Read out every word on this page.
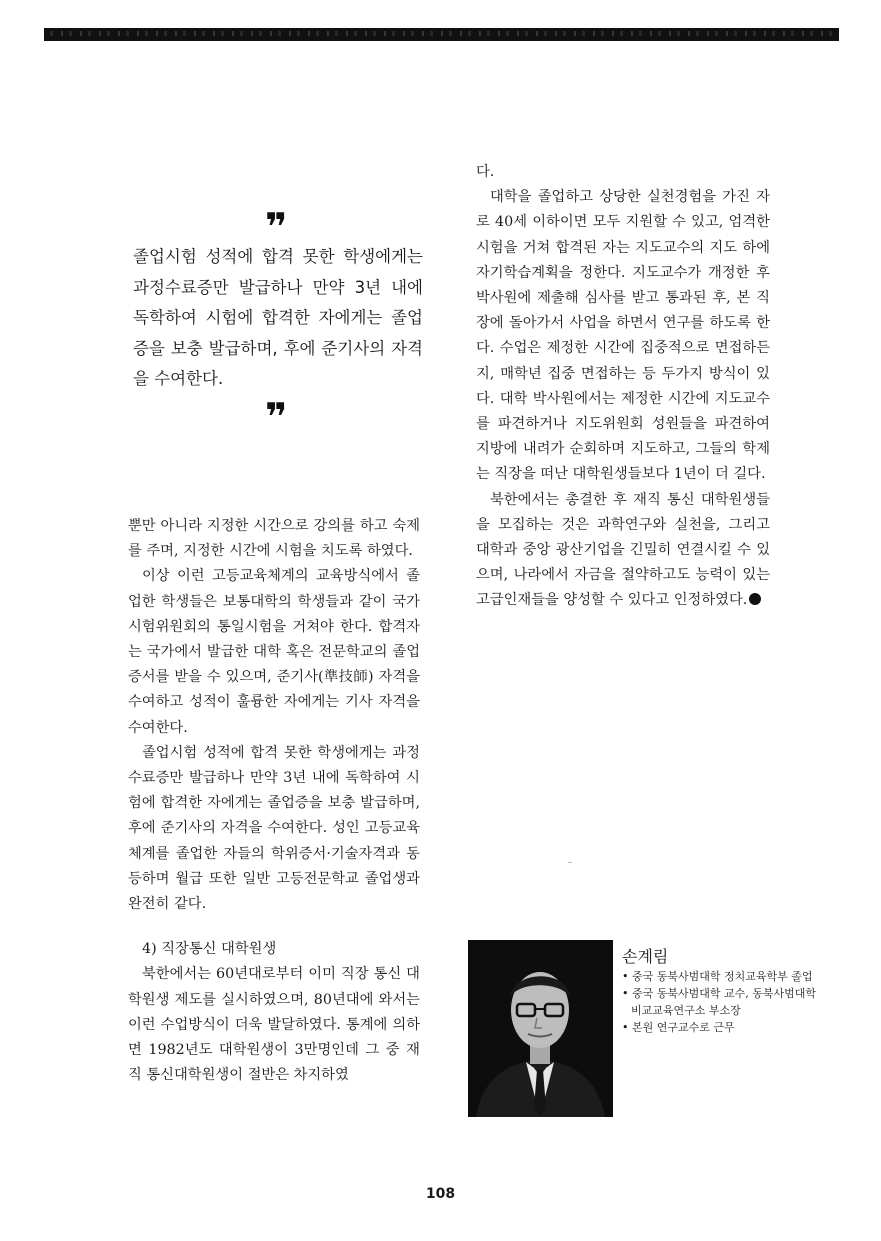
❞

졸업시험 성적에 합격 못한 학생에게는 과정수료증만 발급하나 만약 3년 내에 독학하여 시험에 합격한 자에게는 졸업증을 보충 발급하며, 후에 준기사의 자격을 수여한다.

❞

뿐만 아니라 지정한 시간으로 강의를 하고 숙제를 주며, 지정한 시간에 시험을 치도록 하였다.

이상 이런 고등교육체계의 교육방식에서 졸업한 학생들은 보통대학의 학생들과 같이 국가시험위원회의 통일시험을 거쳐야 한다. 합격자는 국가에서 발급한 대학 혹은 전문학교의 졸업증서를 받을 수 있으며, 준기사(準技師) 자격을 수여하고 성적이 훌륭한 자에게는 기사 자격을 수여한다.

졸업시험 성적에 합격 못한 학생에게는 과정수료증만 발급하나 만약 3년 내에 독학하여 시험에 합격한 자에게는 졸업증을 보충 발급하며, 후에 준기사의 자격을 수여한다. 성인 고등교육체계를 졸업한 자들의 학위증서·기술자격과 동등하며 월급 또한 일반 고등전문학교 졸업생과 완전히 같다.

4) 직장통신 대학원생

북한에서는 60년대로부터 이미 직장 통신 대학원생 제도를 실시하였으며, 80년대에 와서는 이런 수업방식이 더욱 발달하였다. 통계에 의하면 1982년도 대학원생이 3만명인데 그 중 재직 통신대학원생이 절반은 차지하였

다.

대학을 졸업하고 상당한 실천경험을 가진 자로 40세 이하이면 모두 지원할 수 있고, 엄격한 시험을 거쳐 합격된 자는 지도교수의 지도 하에 자기학습계획을 정한다. 지도교수가 개정한 후 박사원에 제출해 심사를 받고 통과된 후, 본 직장에 돌아가서 사업을 하면서 연구를 하도록 한다. 수업은 제정한 시간에 집중적으로 면접하든지, 매학년 집중 면접하는 등 두가지 방식이 있다. 대학 박사원에서는 제정한 시간에 지도교수를 파견하거나 지도위원회 성원들을 파견하여 지방에 내려가 순회하며 지도하고, 그들의 학제는 직장을 떠난 대학원생들보다 1년이 더 길다.

북한에서는 총결한 후 재직 통신 대학원생들을 모집하는 것은 과학연구와 실천을, 그리고 대학과 중앙 광산기업을 긴밀히 연결시킬 수 있으며, 나라에서 자금을 절약하고도 능력이 있는 고급인재들을 양성할 수 있다고 인정하였다.

손계림

• 중국 동북사범대학 정치교육학부 졸업
• 중국 동북사범대학 교수, 동북사범대학 비교교육연구소 부소장
• 본원 연구교수로 근무
108
